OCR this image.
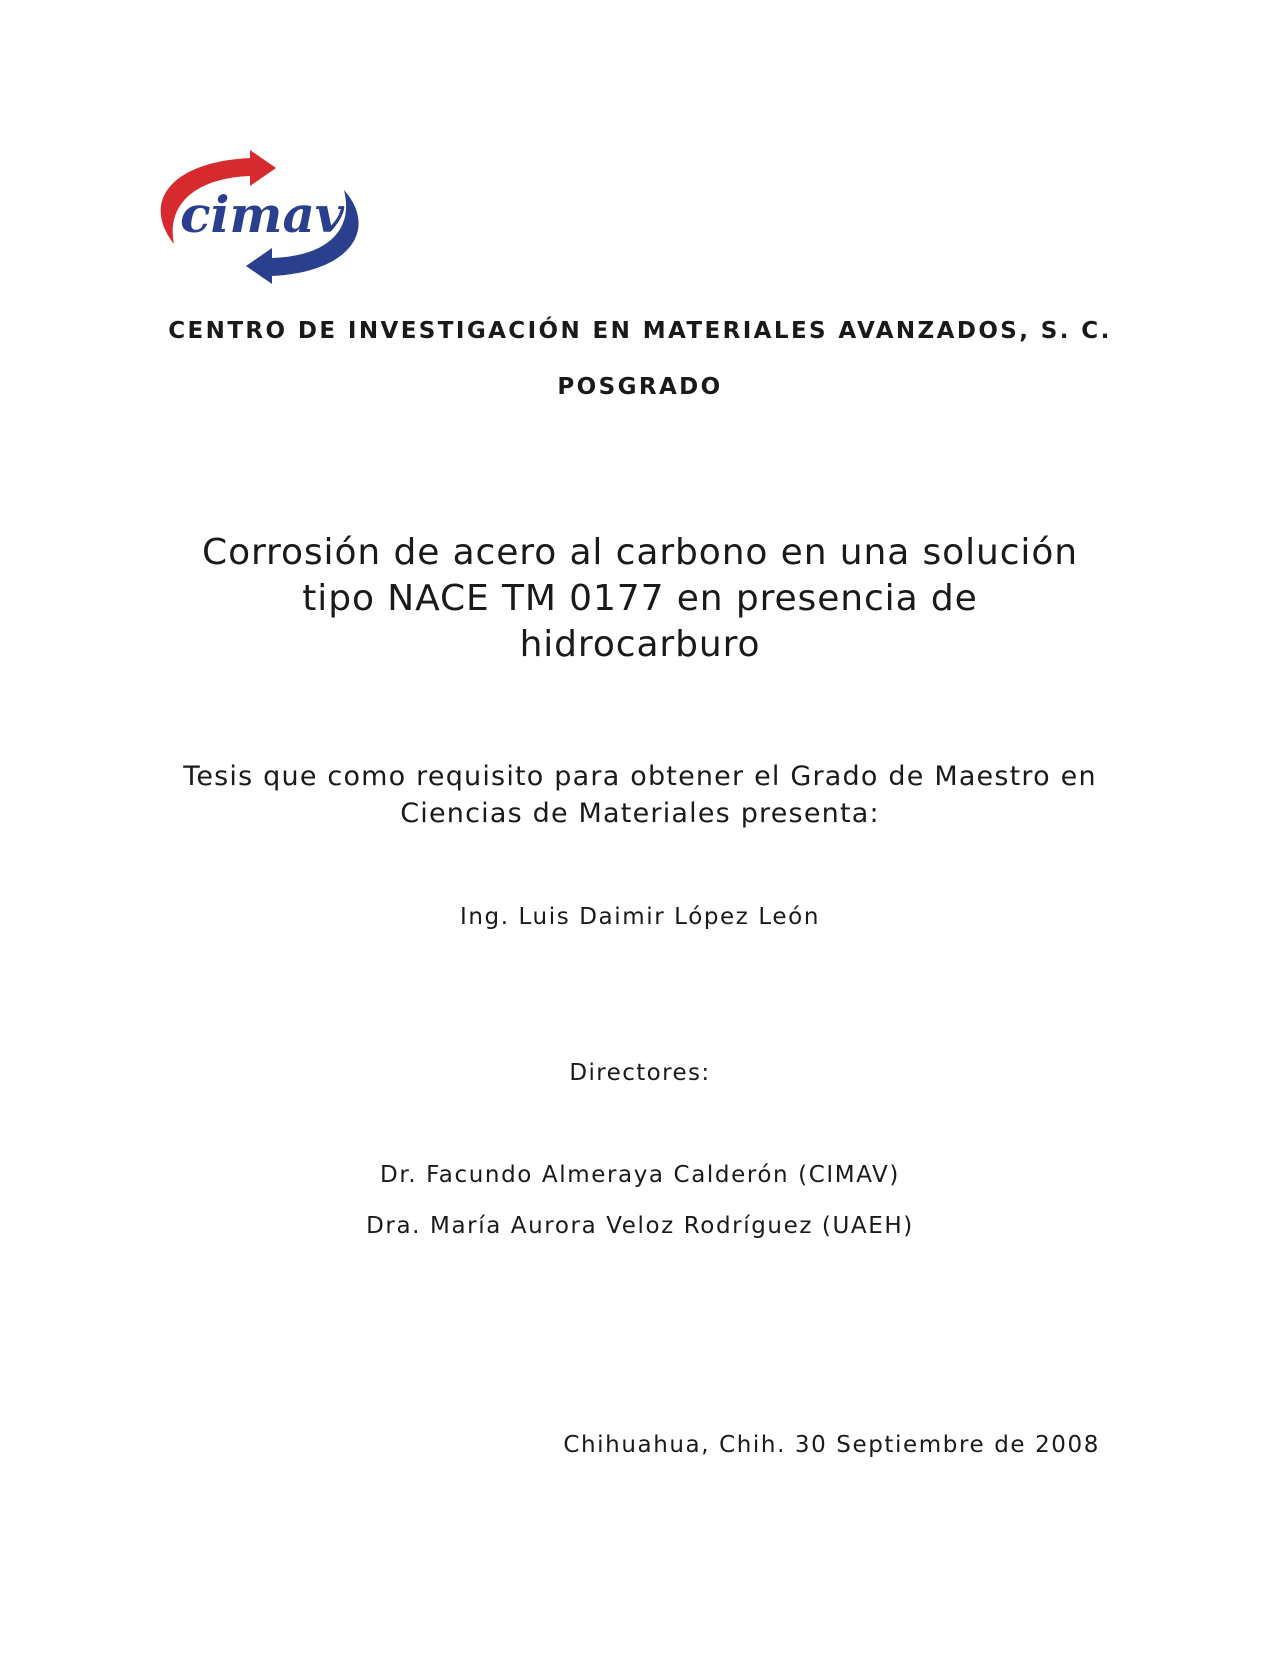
cimav
CENTRO DE INVESTIGACIÓN EN MATERIALES AVANZADOS, S. C.
POSGRADO
Corrosión de acero al carbono en una solución
tipo NACE TM 0177 en presencia de
hidrocarburo
Tesis que como requisito para obtener el Grado de Maestro en
Ciencias de Materiales presenta:
Ing. Luis Daimir López León
Directores:
Dr. Facundo Almeraya Calderón (CIMAV)
Dra. María Aurora Veloz Rodríguez (UAEH)
Chihuahua, Chih. 30 Septiembre de 2008
